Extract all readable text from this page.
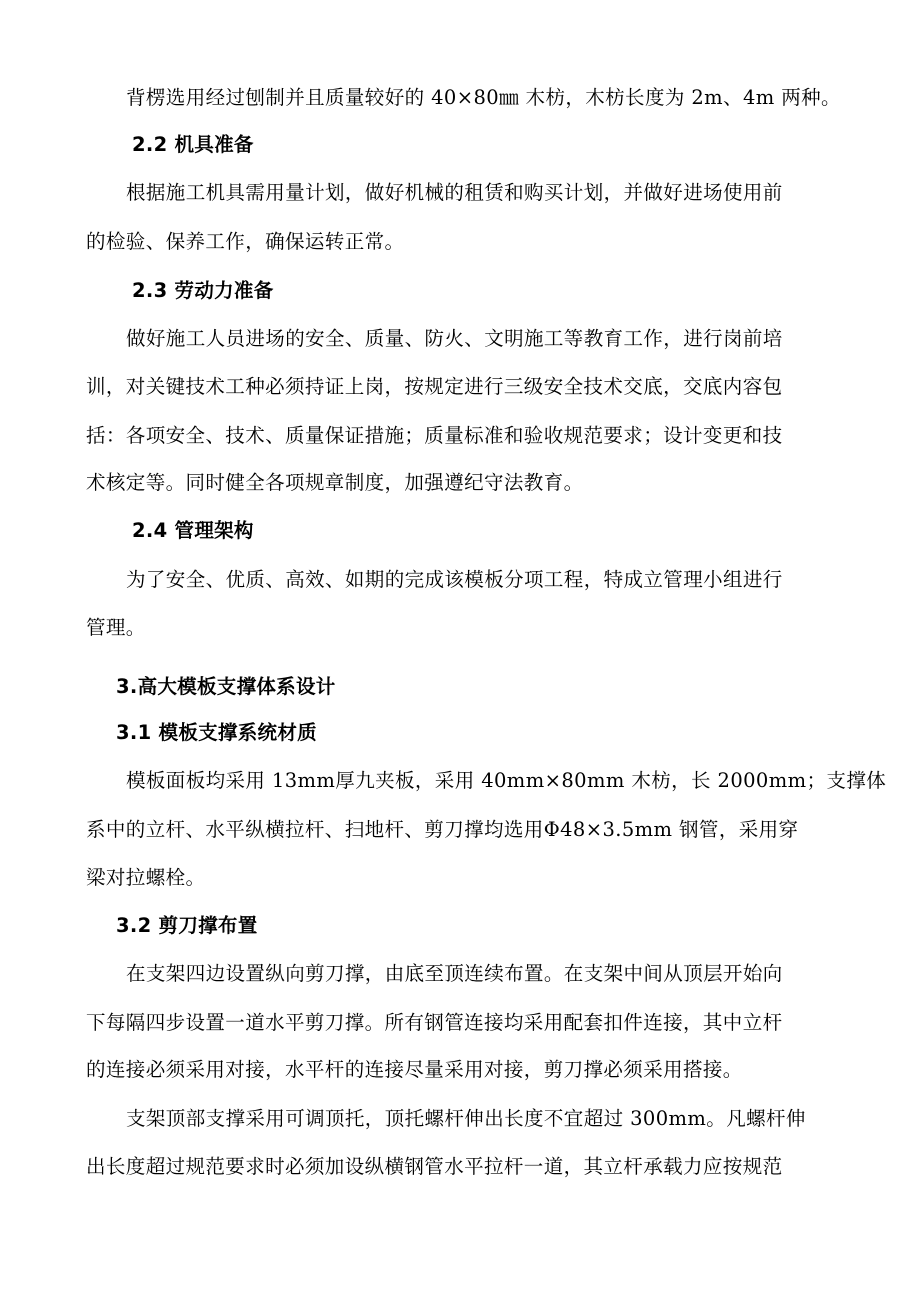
背楞选用经过刨制并且质量较好的 40×80㎜ 木枋，木枋长度为 2m、4m 两种。
2.2 机具准备
根据施工机具需用量计划，做好机械的租赁和购买计划，并做好进场使用前
的检验、保养工作，确保运转正常。
2.3 劳动力准备
做好施工人员进场的安全、质量、防火、文明施工等教育工作，进行岗前培
训，对关键技术工种必须持证上岗，按规定进行三级安全技术交底，交底内容包
括：各项安全、技术、质量保证措施；质量标准和验收规范要求；设计变更和技
术核定等。同时健全各项规章制度，加强遵纪守法教育。
2.4 管理架构
为了安全、优质、高效、如期的完成该模板分项工程，特成立管理小组进行
管理。
3.高大模板支撑体系设计
3.1 模板支撑系统材质
模板面板均采用 13mm厚九夹板，采用 40mm×80mm 木枋，长 2000mm；支撑体
系中的立杆、水平纵横拉杆、扫地杆、剪刀撑均选用Φ48×3.5mm 钢管，采用穿
梁对拉螺栓。
3.2 剪刀撑布置
在支架四边设置纵向剪刀撑，由底至顶连续布置。在支架中间从顶层开始向
下每隔四步设置一道水平剪刀撑。所有钢管连接均采用配套扣件连接，其中立杆
的连接必须采用对接，水平杆的连接尽量采用对接，剪刀撑必须采用搭接。
支架顶部支撑采用可调顶托，顶托螺杆伸出长度不宜超过 300mm。凡螺杆伸
出长度超过规范要求时必须加设纵横钢管水平拉杆一道，其立杆承载力应按规范
